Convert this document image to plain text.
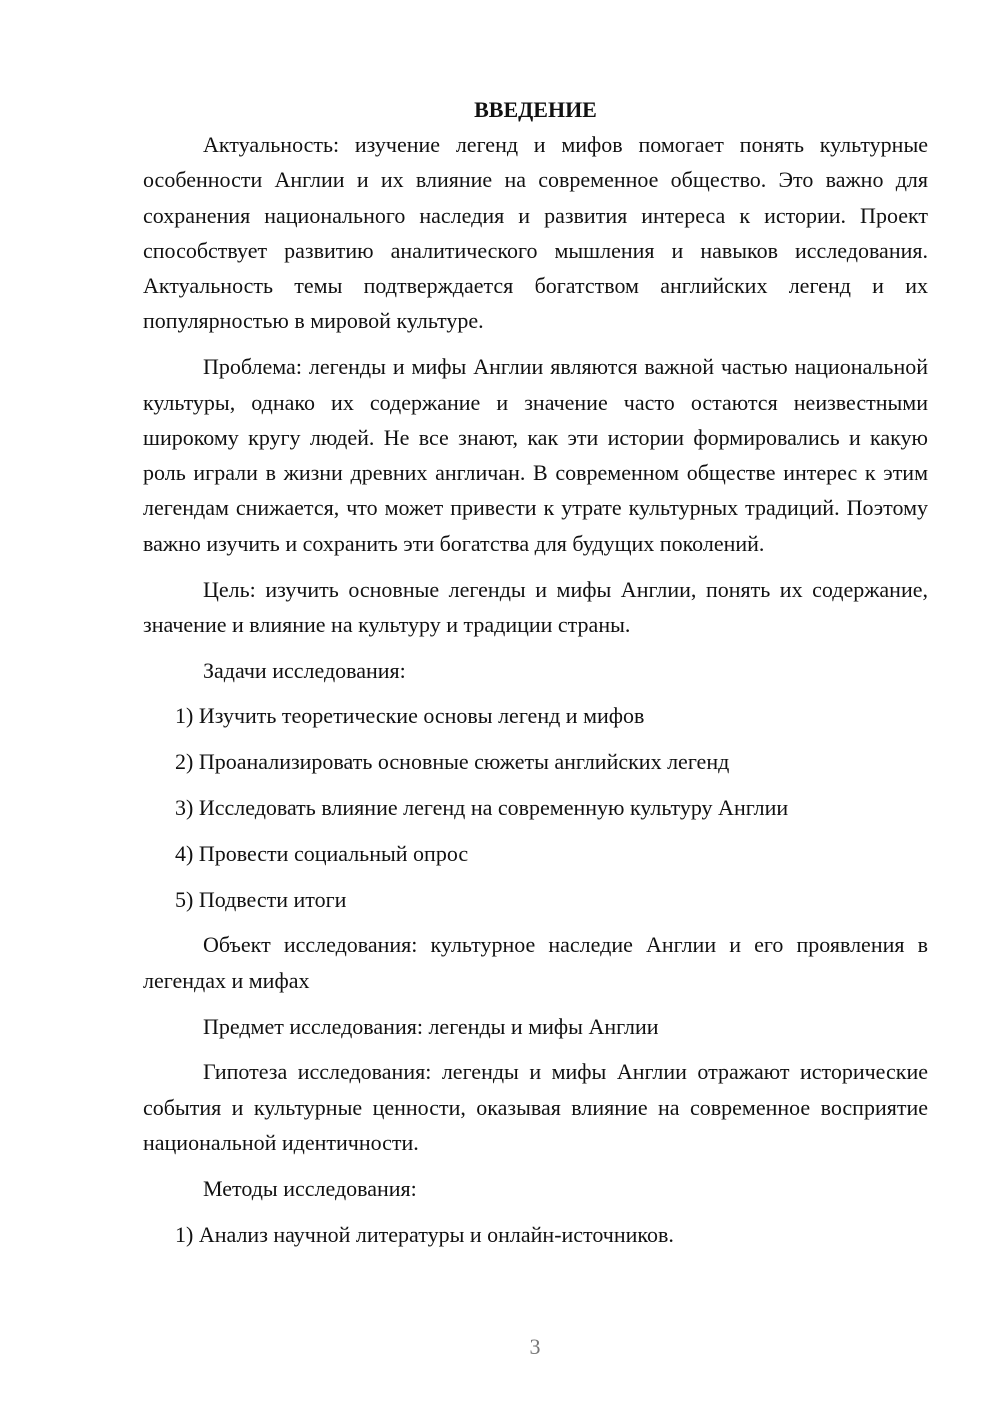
ВВЕДЕНИЕ

Актуальность: изучение легенд и мифов помогает понять культурные особенности Англии и их влияние на современное общество. Это важно для сохранения национального наследия и развития интереса к истории. Проект способствует развитию аналитического мышления и навыков исследования. Актуальность темы подтверждается богатством английских легенд и их популярностью в мировой культуре.

Проблема: легенды и мифы Англии являются важной частью национальной культуры, однако их содержание и значение часто остаются неизвестными широкому кругу людей. Не все знают, как эти истории формировались и какую роль играли в жизни древних англичан. В современном обществе интерес к этим легендам снижается, что может привести к утрате культурных традиций. Поэтому важно изучить и сохранить эти богатства для будущих поколений.

Цель: изучить основные легенды и мифы Англии, понять их содержание, значение и влияние на культуру и традиции страны.

Задачи исследования:

1) Изучить теоретические основы легенд и мифов

2) Проанализировать основные сюжеты английских легенд

3) Исследовать влияние легенд на современную культуру Англии

4) Провести социальный опрос

5) Подвести итоги

Объект исследования: культурное наследие Англии и его проявления в легендах и мифах

Предмет исследования: легенды и мифы Англии

Гипотеза исследования: легенды и мифы Англии отражают исторические события и культурные ценности, оказывая влияние на современное восприятие национальной идентичности.

Методы исследования:

1) Анализ научной литературы и онлайн-источников.

3
